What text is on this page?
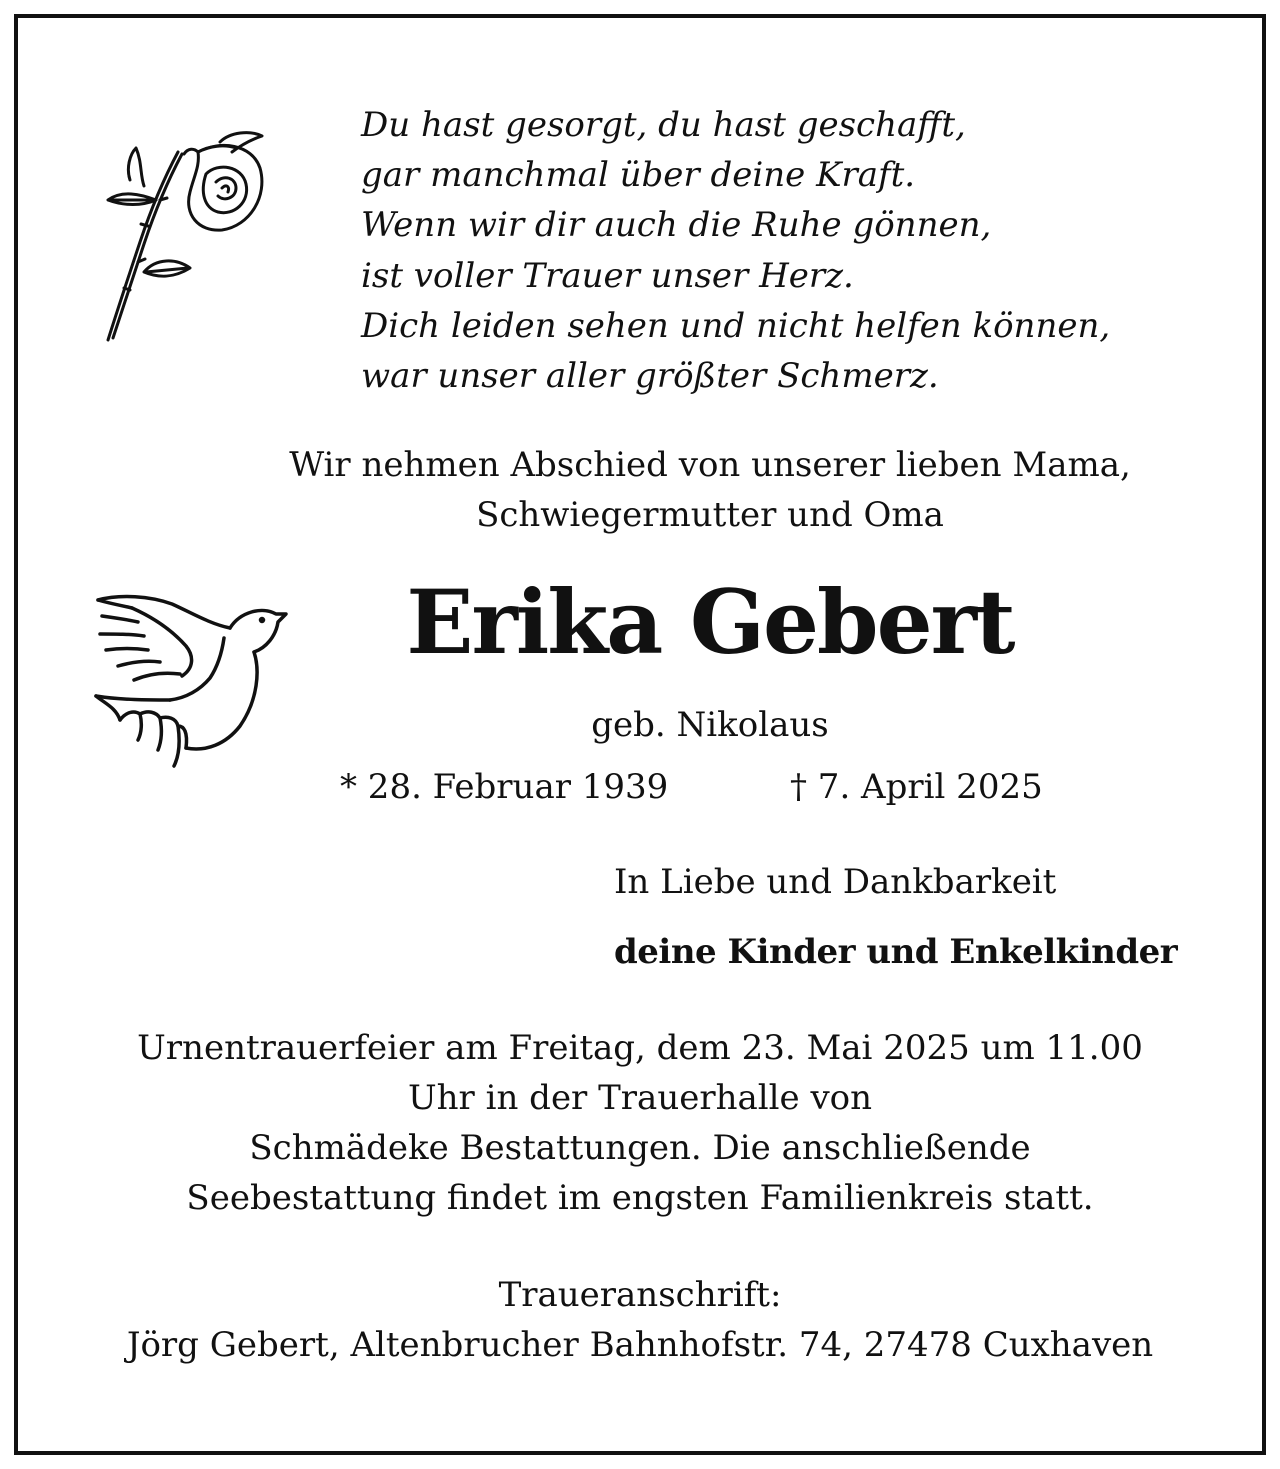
Du hast gesorgt, du hast geschafft,
gar manchmal über deine Kraft.
Wenn wir dir auch die Ruhe gönnen,
ist voller Trauer unser Herz.
Dich leiden sehen und nicht helfen können,
war unser aller größter Schmerz.
Wir nehmen Abschied von unserer lieben Mama,
Schwiegermutter und Oma
Erika Gebert
geb. Nikolaus
* 28. Februar 1939	† 7. April 2025
In Liebe und Dankbarkeit
deine Kinder und Enkelkinder
Urnentrauerfeier am Freitag, dem 23. Mai 2025 um 11.00
Uhr in der Trauerhalle von
Schmädeke Bestattungen. Die anschließende
Seebestattung findet im engsten Familienkreis statt.
Traueranschrift:
Jörg Gebert, Altenbrucher Bahnhofstr. 74, 27478 Cuxhaven
